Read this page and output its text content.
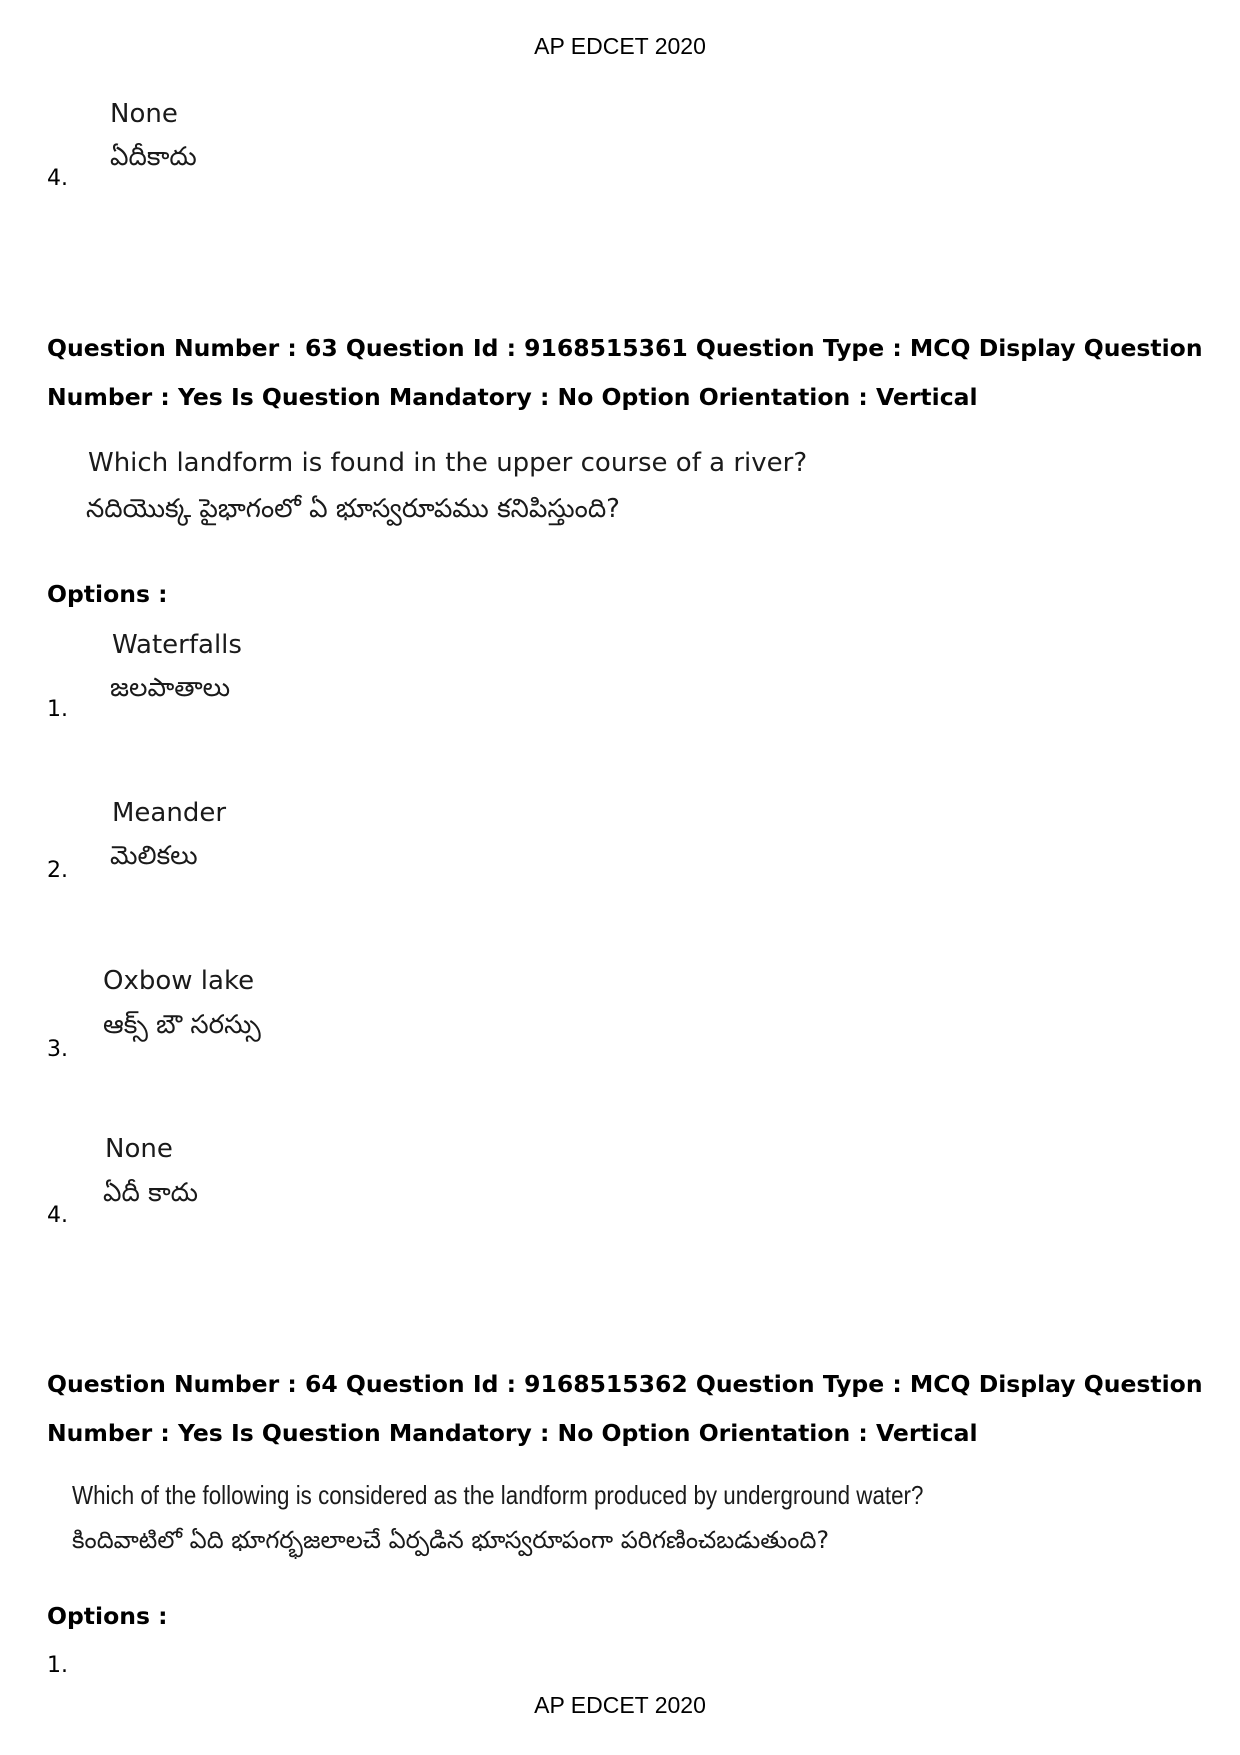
AP EDCET 2020
None
ఏదీకాదు
4.
Question Number : 63 Question Id : 9168515361 Question Type : MCQ Display Question
Number : Yes Is Question Mandatory : No Option Orientation : Vertical
Which landform is found in the upper course of a river?
నదియొక్క పైభాగంలో ఏ భూస్వరూపము కనిపిస్తుంది?
Options :
Waterfalls
జలపాతాలు
1.
Meander
మెలికలు
2.
Oxbow lake
ఆక్స్ బౌ సరస్సు
3.
None
ఏదీ కాదు
4.
Question Number : 64 Question Id : 9168515362 Question Type : MCQ Display Question
Number : Yes Is Question Mandatory : No Option Orientation : Vertical
Which of the following is considered as the landform produced by underground water?
కిందివాటిలో ఏది భూగర్భజలాలచే ఏర్పడిన భూస్వరూపంగా పరిగణించబడుతుంది?
Options :
1.
AP EDCET 2020
